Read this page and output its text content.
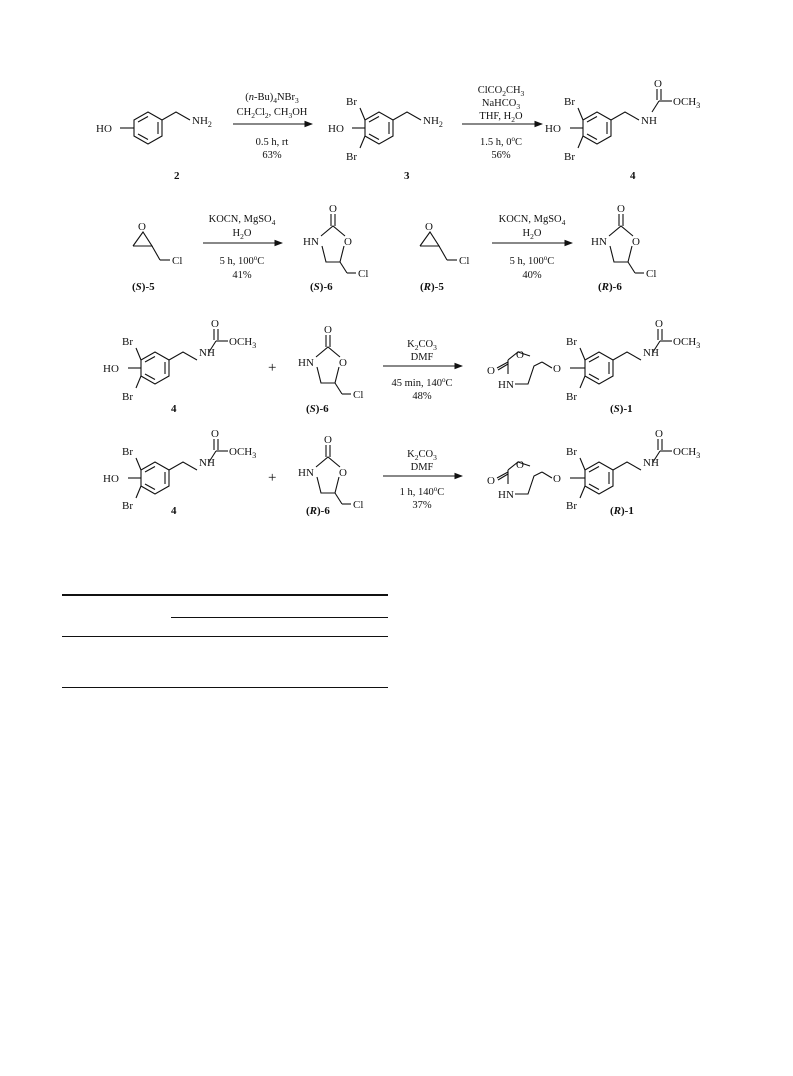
HO
$NH_2$
2
$(n-Bu)_4NBr_3$
$CH_2Cl_2$, $CH_3OH$
0.5 h, rt
63%
Br
HO
Br
$NH_2$
3
$ClCO_2CH_3$
NaHCO$_3$
THF, $H_2O$
1.5 h, 0$^o$C
56%
Br
HO
Br
NH
O
$OCH_3$
4
O
Cl
(S)-5
KOCN, MgSO$_4$
$H_2O$
5 h, 100$^o$C
41%
O
HN O
Cl
(S)-6
O
Cl
(R)-5
KOCN, MgSO$_4$
$H_2O$
5 h, 100$^o$C
40%
O
HN O
Cl
(R)-6
Br
HO
Br
NH
O
$OCH_3$
4
+
O
HN O
Cl
(S)-6
$K_2CO_3$
DMF
45 min, 140$^o$C
48%
O
O
HN
O
Br
Br
NH
O
$OCH_3$
(S)-1
Br
HO
Br
NH
O
$OCH_3$
4
+
O
HN O
Cl
(R)-6
$K_2CO_3$
DMF
1 h, 140$^o$C
37%
O
O
HN
O
Br
Br
NH
O
$OCH_3$
(R)-1
